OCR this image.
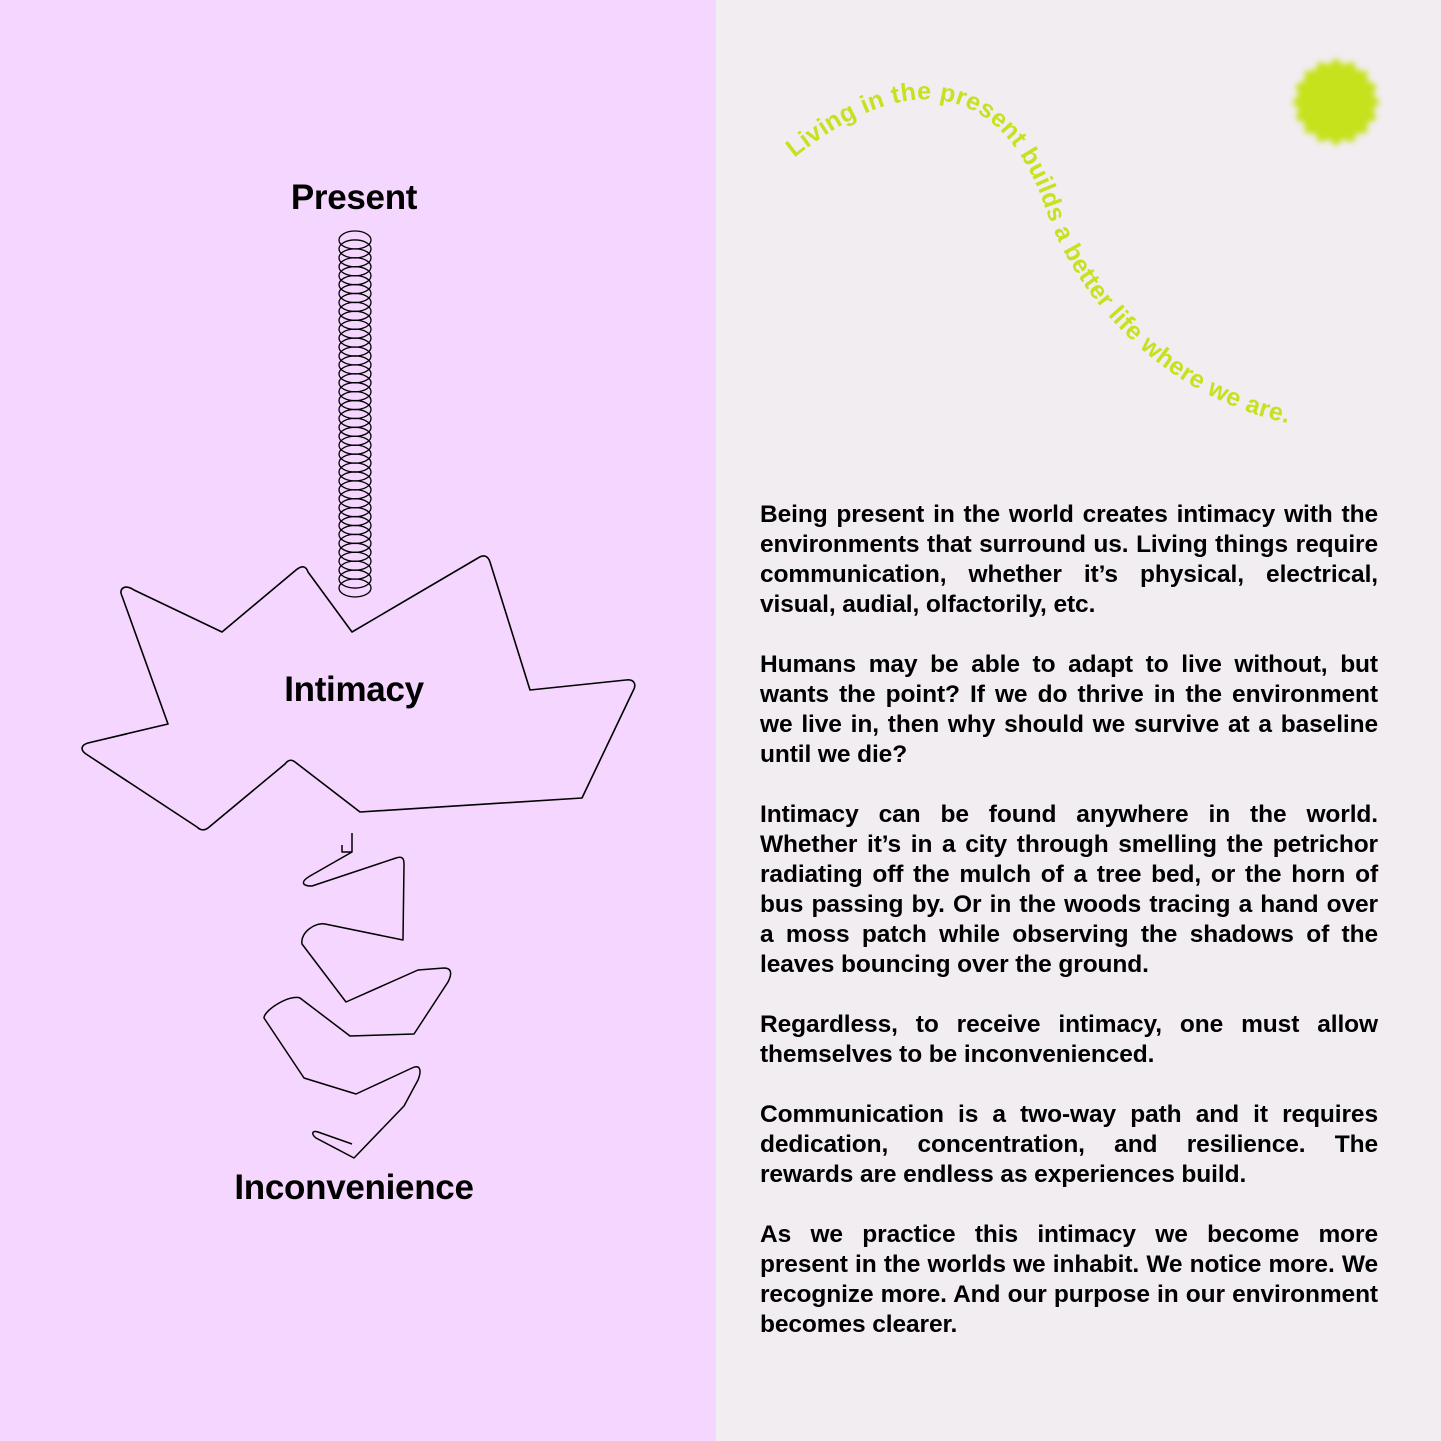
Present
Intimacy
Inconvenience
Living in the present builds a better life where we are.

Being present in the world creates intimacy with the environments that surround us. Living things require communication, whether it’s physical, electrical, visual, audial, olfactorily, etc.

Humans may be able to adapt to live without, but wants the point? If we do thrive in the environment we live in, then why should we survive at a baseline until we die?

Intimacy can be found anywhere in the world. Whether it’s in a city through smelling the petrichor radiating off the mulch of a tree bed, or the horn of bus passing by. Or in the woods tracing a hand over a moss patch while observing the shadows of the leaves bouncing over the ground.

Regardless, to receive intimacy, one must allow themselves to be inconvenienced.

Communication is a two-way path and it requires dedication, concentration, and resilience. The rewards are endless as experiences build.

As we practice this intimacy we become more present in the worlds we inhabit. We notice more. We recognize more. And our purpose in our environment becomes clearer.
